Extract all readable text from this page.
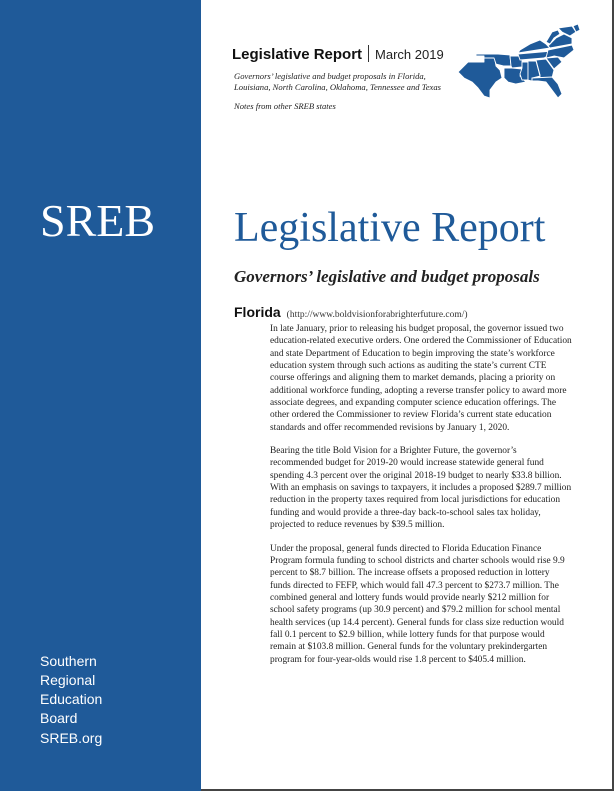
SREB
Southern
Regional
Education
Board
SREB.org
Legislative Report March 2019
Governors’ legislative and budget proposals in Florida, Louisiana, North Carolina, Oklahoma, Tennessee and Texas
Notes from other SREB states
Legislative Report
Governors’ legislative and budget proposals
Florida (http://www.boldvisionforabrighterfuture.com/)

In late January, prior to releasing his budget proposal, the governor issued two education-related executive orders. One ordered the Commissioner of Education and state Department of Education to begin improving the state’s workforce education system through such actions as auditing the state’s current CTE course offerings and aligning them to market demands, placing a priority on additional workforce funding, adopting a reverse transfer policy to award more associate degrees, and expanding computer science education offerings. The other ordered the Commissioner to review Florida’s current state education standards and offer recommended revisions by January 1, 2020.

Bearing the title Bold Vision for a Brighter Future, the governor’s recommended budget for 2019-20 would increase statewide general fund spending 4.3 percent over the original 2018-19 budget to nearly $33.8 billion. With an emphasis on savings to taxpayers, it includes a proposed $289.7 million reduction in the property taxes required from local jurisdictions for education funding and would provide a three-day back-to-school sales tax holiday, projected to reduce revenues by $39.5 million.

Under the proposal, general funds directed to Florida Education Finance Program formula funding to school districts and charter schools would rise 9.9 percent to $8.7 billion. The increase offsets a proposed reduction in lottery funds directed to FEFP, which would fall 47.3 percent to $273.7 million. The combined general and lottery funds would provide nearly $212 million for school safety programs (up 30.9 percent) and $79.2 million for school mental health services (up 14.4 percent). General funds for class size reduction would fall 0.1 percent to $2.9 billion, while lottery funds for that purpose would remain at $103.8 million. General funds for the voluntary prekindergarten program for four-year-olds would rise 1.8 percent to $405.4 million.
